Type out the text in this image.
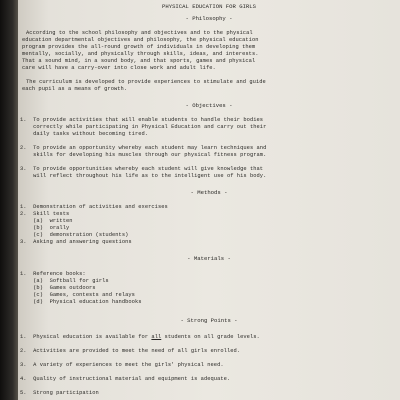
PHYSICAL EDUCATION FOR GIRLS
- Philosophy -
According to the school philosophy and objectives and to the physical
education departmental objectives and philosophy, the physical education
program provides the all-round growth of individuals in developing them
mentally, socially, and physically through skills, ideas, and interests.
That a sound mind, in a sound body, and that sports, games and physical
care will have a carry-over into close work and adult life.
The curriculum is developed to provide experiences to stimulate and guide
each pupil as a means of growth.
- Objectives -
1.  To provide activities that will enable students to handle their bodies
correctly while participating in Physical Education and carry out their
daily tasks without becoming tired.
2.  To provide an opportunity whereby each student may learn techniques and
skills for developing his muscles through our physical fitness program.
3.  To provide opportunities whereby each student will give knowledge that
will reflect throughout his life as to the intelligent use of his body.
- Methods -
1.  Demonstration of activities and exercises
2.  Skill tests
(a)  written
(b)  orally
(c)  demonstration (students)
3.  Asking and answering questions
- Materials -
1.  Reference books:
(a)  Softball for girls
(b)  Games outdoors
(c)  Games, contests and relays
(d)  Physical education handbooks
- Strong Points -
1.  Physical education is available for all students on all grade levels.
2.  Activities are provided to meet the need of all girls enrolled.
3.  A variety of experiences to meet the girls' physical need.
4.  Quality of instructional material and equipment is adequate.
5.  Strong participation
